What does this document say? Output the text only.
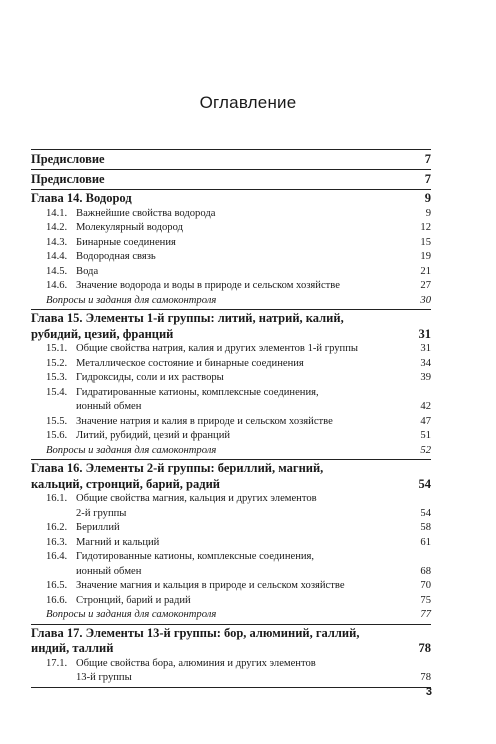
Оглавление
Предисловие	7
Предисловие	7
Глава 14. Водород	9
14.1. Важнейшие свойства водорода	9
14.2. Молекулярный водород	12
14.3. Бинарные соединения	15
14.4. Водородная связь	19
14.5. Вода	21
14.6. Значение водорода и воды в природе и сельском хозяйстве	27
Вопросы и задания для самоконтроля	30
Глава 15. Элементы 1-й группы: литий, натрий, калий,
рубидий, цезий, франций	31
15.1. Общие свойства натрия, калия и других элементов 1-й группы	31
15.2. Металлическое состояние и бинарные соединения	34
15.3. Гидроксиды, соли и их растворы	39
15.4. Гидратированные катионы, комплексные соединения,
ионный обмен	42
15.5. Значение натрия и калия в природе и сельском хозяйстве	47
15.6. Литий, рубидий, цезий и франций	51
Вопросы и задания для самоконтроля	52
Глава 16. Элементы 2-й группы: бериллий, магний,
кальций, стронций, барий, радий	54
16.1. Общие свойства магния, кальция и других элементов
2-й группы	54
16.2. Бериллий	58
16.3. Магний и кальций	61
16.4. Гидотированные катионы, комплексные соединения,
ионный обмен	68
16.5. Значение магния и кальция в природе и сельском хозяйстве	70
16.6. Стронций, барий и радий	75
Вопросы и задания для самоконтроля	77
Глава 17. Элементы 13-й группы: бор, алюминий, галлий,
индий, таллий	78
17.1. Общие свойства бора, алюминия и других элементов
13-й группы	78
3
